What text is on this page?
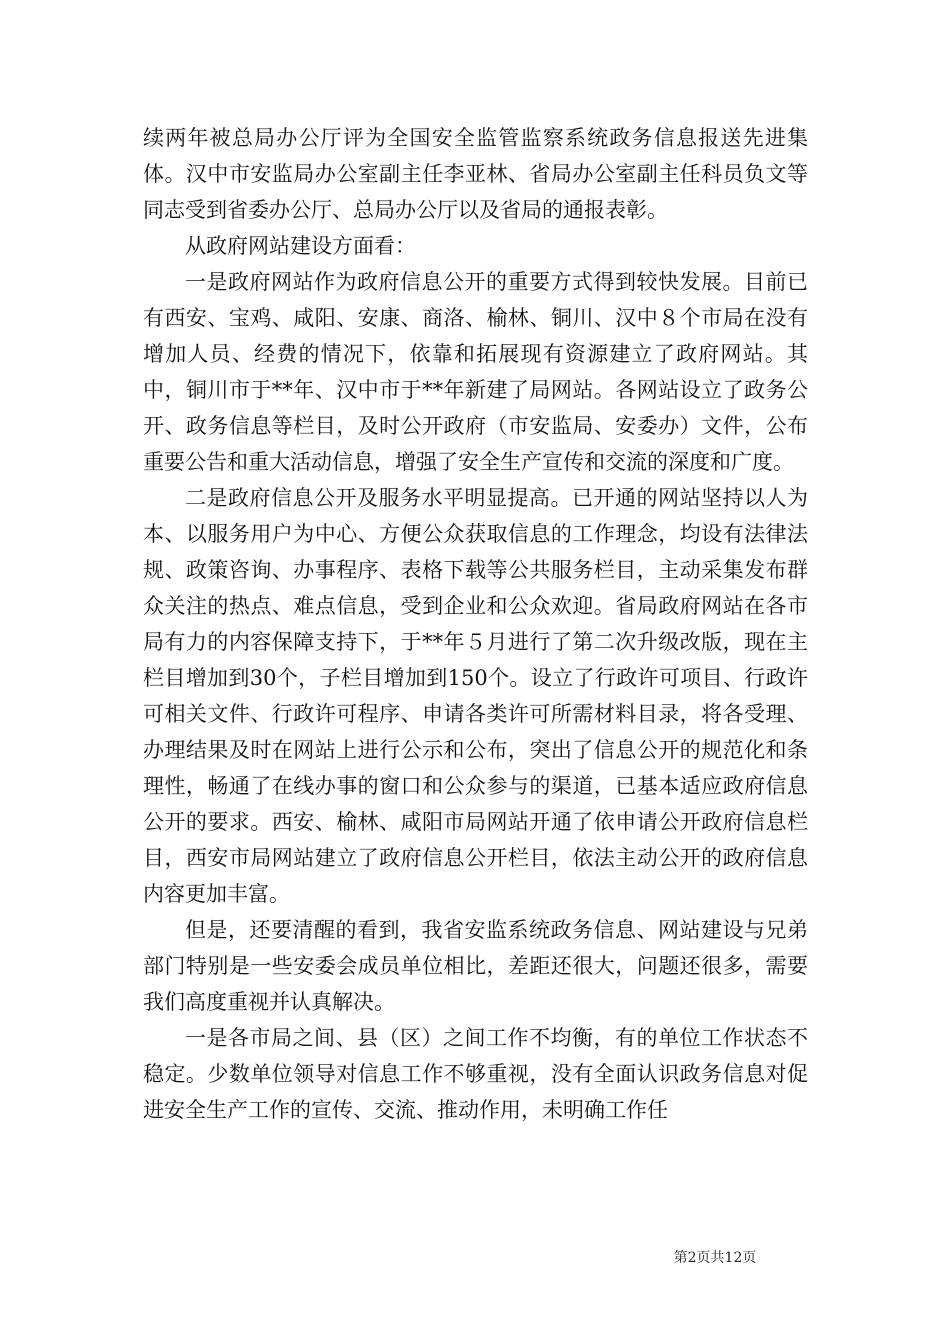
续两年被总局办公厅评为全国安全监管监察系统政务信息报送先进集体。汉中市安监局办公室副主任李亚林、省局办公室副主任科员负文等同志受到省委办公厅、总局办公厅以及省局的通报表彰。

从政府网站建设方面看：

一是政府网站作为政府信息公开的重要方式得到较快发展。目前已有西安、宝鸡、咸阳、安康、商洛、榆林、铜川、汉中８个市局在没有增加人员、经费的情况下，依靠和拓展现有资源建立了政府网站。其中，铜川市于**年、汉中市于**年新建了局网站。各网站设立了政务公开、政务信息等栏目，及时公开政府（市安监局、安委办）文件，公布重要公告和重大活动信息，增强了安全生产宣传和交流的深度和广度。

二是政府信息公开及服务水平明显提高。已开通的网站坚持以人为本、以服务用户为中心、方便公众获取信息的工作理念，均设有法律法规、政策咨询、办事程序、表格下载等公共服务栏目，主动采集发布群众关注的热点、难点信息，受到企业和公众欢迎。省局政府网站在各市局有力的内容保障支持下，于**年５月进行了第二次升级改版，现在主栏目增加到30个，子栏目增加到150个。设立了行政许可项目、行政许可相关文件、行政许可程序、申请各类许可所需材料目录，将各受理、办理结果及时在网站上进行公示和公布，突出了信息公开的规范化和条理性，畅通了在线办事的窗口和公众参与的渠道，已基本适应政府信息公开的要求。西安、榆林、咸阳市局网站开通了依申请公开政府信息栏目，西安市局网站建立了政府信息公开栏目，依法主动公开的政府信息内容更加丰富。

但是，还要清醒的看到，我省安监系统政务信息、网站建设与兄弟部门特别是一些安委会成员单位相比，差距还很大，问题还很多，需要我们高度重视并认真解决。

一是各市局之间、县（区）之间工作不均衡，有的单位工作状态不稳定。少数单位领导对信息工作不够重视，没有全面认识政务信息对促进安全生产工作的宣传、交流、推动作用，未明确工作任

第2页共12页
